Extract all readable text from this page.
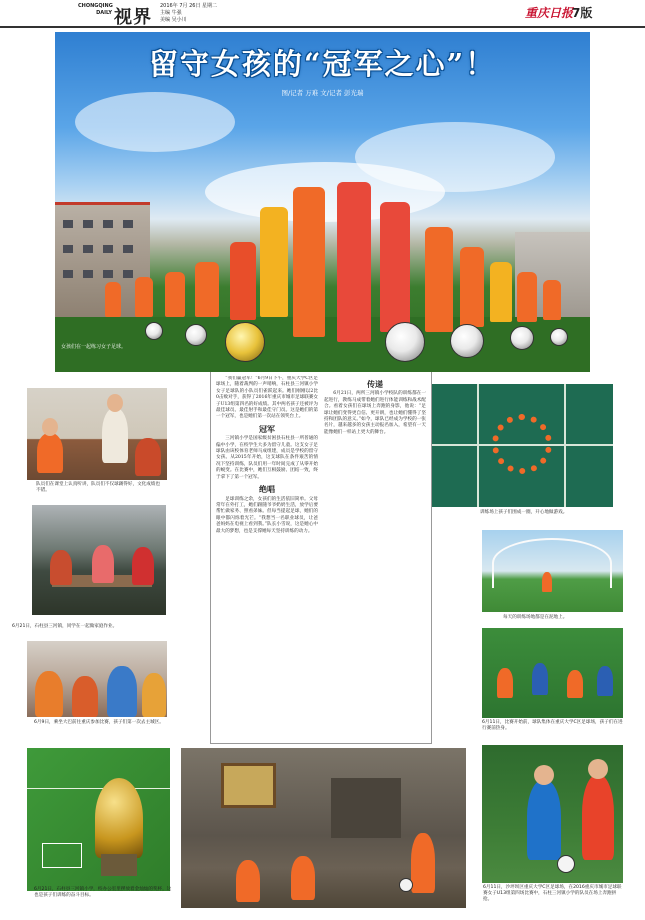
CHONGQING
DAILY 视界
2016年 7月 26日 星期二
主编 牛强
美编 吴小川	重庆日报
7版
留守女孩的“冠军之心”！
图/记者 万难 文/记者 彭光瑞
女孩们在一起练习女子足球。

“我们赢冠军！”6月9日下午，重庆大学C区足球场上，随着裁判的一声哨响，石柱县三河镇小学女子足球队的小队员们雀跃起来。她们刚刚以2比0击败对手，获得了2016年重庆市城市足球联赛女子U13组第四名的好成绩。其中两名孩子还被评为最佳球员、最佳射手和最佳守门员。这是她们的第一个冠军，也是她们第一次站在领奖台上。

冠军

三河镇小学是国家级贫困县石柱县一所普通的偏中小学，在校学生大多为留守儿童。这支女子足球队由该校体育老师马成组建，成员是学校的留守女孩。从2015年开始，这支球队在条件艰苦的情况下坚持训练，队员们用一年时间完成了从零开始的蜕变。在比赛中，她们互相鼓励、团结一致，终于拿下了第一个冠军。

绝唱

足球训练之余，女孩们的生活依旧简单。父母常年在外打工，她们跟随爷爷奶奶生活，放学后要帮忙做家务、照看弟妹。但每当提起足球，她们的眼中都闪烁着光芒。“我想当一名职业球员，让爸爸妈妈在电视上看到我。”队长小雪说，这是她心中最大的梦想，也是支撑她每天坚持训练的动力。

传递

6月21日，两所三河镇小学校队的训练都在一起进行，教练马成带着她们进行体能训练和战术配合。看着女孩们在球场上奔跑的身影，他说：“足球让她们变得更自信、更开朗，也让她们懂得了坚持和团队的意义。”如今，球队已经成为学校的一张名片，越来越多的女孩主动报名加入，希望有一天能像她们一样站上更大的舞台。

队员们在课堂上认真听讲，队员们不仅球踢得好，文化成绩也不错。
6月21日，石柱县三河镇，同学在一起做家庭作业。
6月9日，乘坐大巴前往重庆参加比赛，孩子们第一次去主城区。
6月21日，石柱县三河镇小学，校办公室里摆放着金灿灿的奖杯，这也是孩子们训练的奋斗目标。
训练场上孩子们围成一圈，开心地做游戏。
每天的训练场地都是在泥地上。
6月11日，比赛开始前，球队集体在重庆大学C区足球场，孩子们在进行赛前热身。
6月11日，沙坪坝区重庆大学C区足球场，在2016重庆市城市足球联赛女子U13组第四场比赛中，石柱三河镇小学的队员在场上奔跑拼抢。
